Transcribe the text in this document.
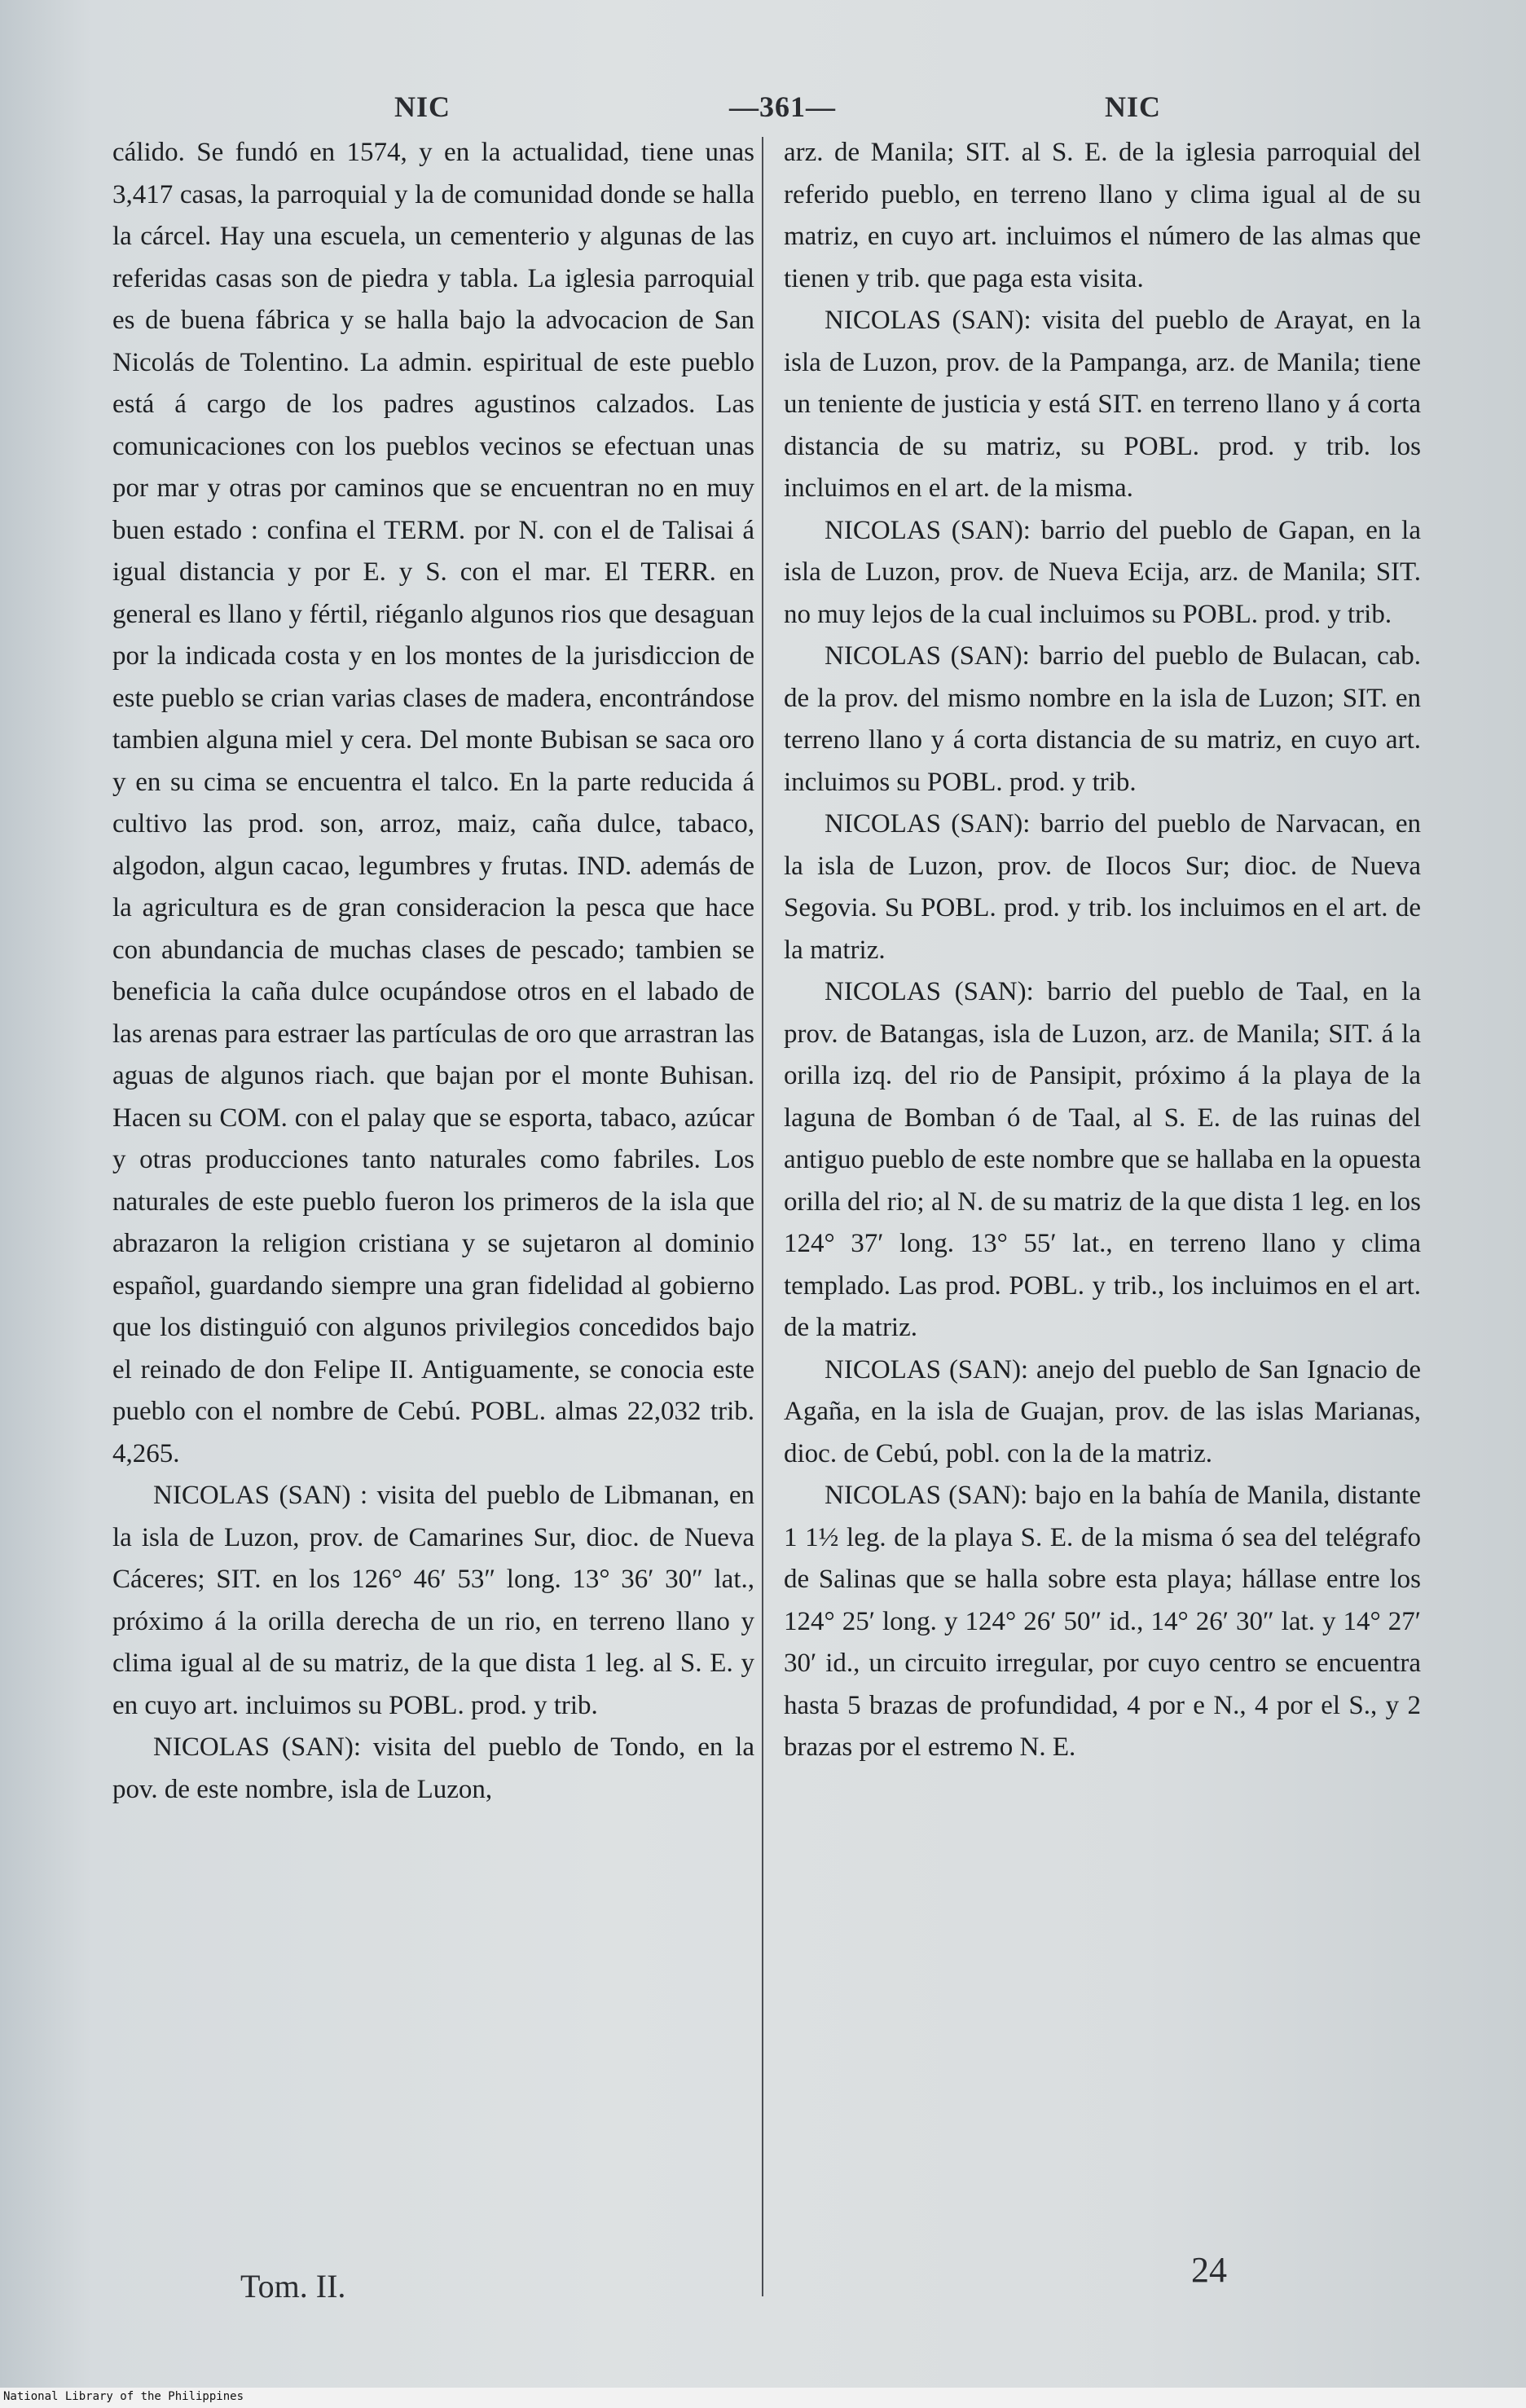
NIC	—361—	NIC

cálido. Se fundó en 1574, y en la actualidad, tiene unas 3,417 casas, la parroquial y la de comunidad donde se halla la cárcel. Hay una escuela, un cementerio y algunas de las referidas casas son de piedra y tabla. La iglesia parroquial es de buena fábrica y se halla bajo la advocacion de San Nicolás de Tolentino. La admin. espiritual de este pueblo está á cargo de los padres agustinos calzados. Las comunicaciones con los pueblos vecinos se efectuan unas por mar y otras por caminos que se encuentran no en muy buen estado : confina el TERM. por N. con el de Talisai á igual distancia y por E. y S. con el mar. El TERR. en general es llano y fértil, riéganlo algunos rios que desaguan por la indicada costa y en los montes de la jurisdiccion de este pueblo se crian varias clases de madera, encontrándose tambien alguna miel y cera. Del monte Bubisan se saca oro y en su cima se encuentra el talco. En la parte reducida á cultivo las prod. son, arroz, maiz, caña dulce, tabaco, algodon, algun cacao, legumbres y frutas. IND. además de la agricultura es de gran consideracion la pesca que hace con abundancia de muchas clases de pescado; tambien se beneficia la caña dulce ocupándose otros en el labado de las arenas para estraer las partículas de oro que arrastran las aguas de algunos riach. que bajan por el monte Buhisan. Hacen su COM. con el palay que se esporta, tabaco, azúcar y otras producciones tanto naturales como fabriles. Los naturales de este pueblo fueron los primeros de la isla que abrazaron la religion cristiana y se sujetaron al dominio español, guardando siempre una gran fidelidad al gobierno que los distinguió con algunos privilegios concedidos bajo el reinado de don Felipe II. Antiguamente, se conocia este pueblo con el nombre de Cebú. POBL. almas 22,032 trib. 4,265.

NICOLAS (SAN) : visita del pueblo de Libmanan, en la isla de Luzon, prov. de Camarines Sur, dioc. de Nueva Cáceres; SIT. en los 126° 46′ 53″ long. 13° 36′ 30″ lat., próximo á la orilla derecha de un rio, en terreno llano y clima igual al de su matriz, de la que dista 1 leg. al S. E. y en cuyo art. incluimos su POBL. prod. y trib.

NICOLAS (SAN): visita del pueblo de Tondo, en la pov. de este nombre, isla de Luzon,

arz. de Manila; SIT. al S. E. de la iglesia parroquial del referido pueblo, en terreno llano y clima igual al de su matriz, en cuyo art. incluimos el número de las almas que tienen y trib. que paga esta visita.

NICOLAS (SAN): visita del pueblo de Arayat, en la isla de Luzon, prov. de la Pampanga, arz. de Manila; tiene un teniente de justicia y está SIT. en terreno llano y á corta distancia de su matriz, su POBL. prod. y trib. los incluimos en el art. de la misma.

NICOLAS (SAN): barrio del pueblo de Gapan, en la isla de Luzon, prov. de Nueva Ecija, arz. de Manila; SIT. no muy lejos de la cual incluimos su POBL. prod. y trib.

NICOLAS (SAN): barrio del pueblo de Bulacan, cab. de la prov. del mismo nombre en la isla de Luzon; SIT. en terreno llano y á corta distancia de su matriz, en cuyo art. incluimos su POBL. prod. y trib.

NICOLAS (SAN): barrio del pueblo de Narvacan, en la isla de Luzon, prov. de Ilocos Sur; dioc. de Nueva Segovia. Su POBL. prod. y trib. los incluimos en el art. de la matriz.

NICOLAS (SAN): barrio del pueblo de Taal, en la prov. de Batangas, isla de Luzon, arz. de Manila; SIT. á la orilla izq. del rio de Pansipit, próximo á la playa de la laguna de Bomban ó de Taal, al S. E. de las ruinas del antiguo pueblo de este nombre que se hallaba en la opuesta orilla del rio; al N. de su matriz de la que dista 1 leg. en los 124° 37′ long. 13° 55′ lat., en terreno llano y clima templado. Las prod. POBL. y trib., los incluimos en el art. de la matriz.

NICOLAS (SAN): anejo del pueblo de San Ignacio de Agaña, en la isla de Guajan, prov. de las islas Marianas, dioc. de Cebú, pobl. con la de la matriz.

NICOLAS (SAN): bajo en la bahía de Manila, distante 1 1½ leg. de la playa S. E. de la misma ó sea del telégrafo de Salinas que se halla sobre esta playa; hállase entre los 124° 25′ long. y 124° 26′ 50″ id., 14° 26′ 30″ lat. y 14° 27′ 30′ id., un circuito irregular, por cuyo centro se encuentra hasta 5 brazas de profundidad, 4 por e N., 4 por el S., y 2 brazas por el estremo N. E.

Tom. II.	24
National Library of the Philippines
